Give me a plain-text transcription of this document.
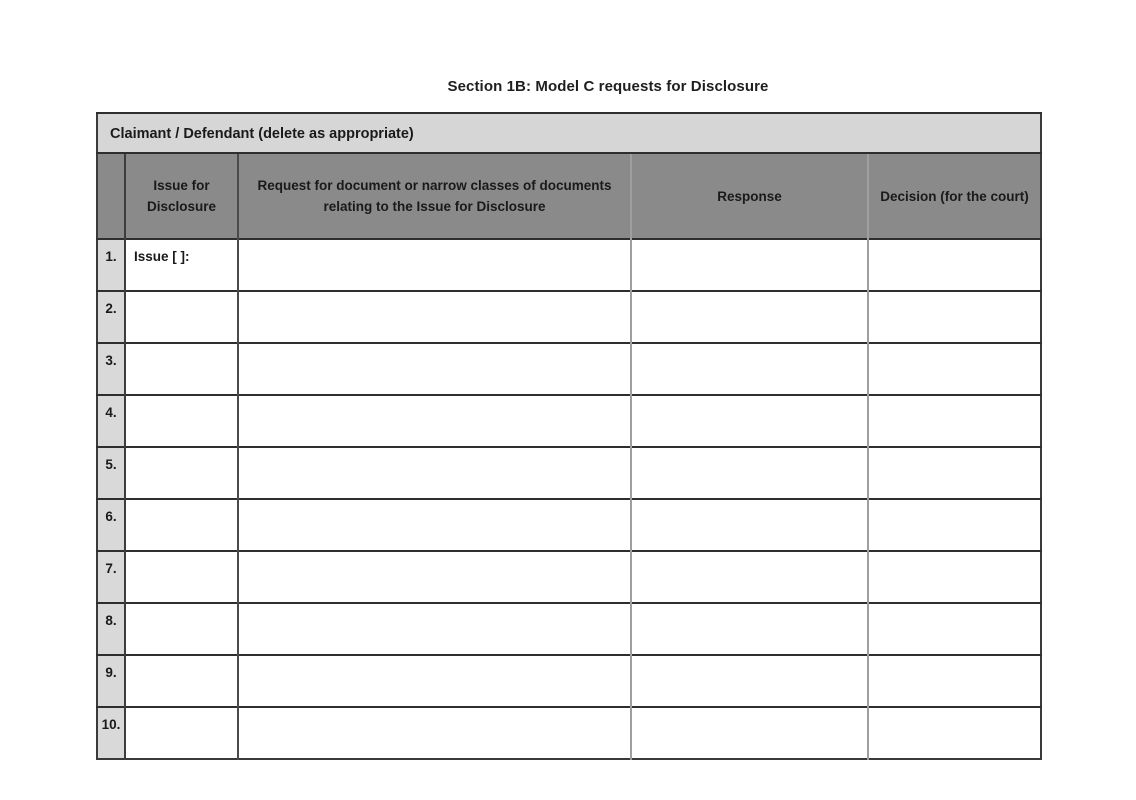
Section 1B: Model C requests for Disclosure
Claimant / Defendant (delete as appropriate)				
	Issue for Disclosure	Request for document or narrow classes of documents relating to the Issue for Disclosure	Response	Decision (for the court)
1.	Issue [ ]:			
2.				
3.				
4.				
5.				
6.				
7.				
8.				
9.				
10.				
